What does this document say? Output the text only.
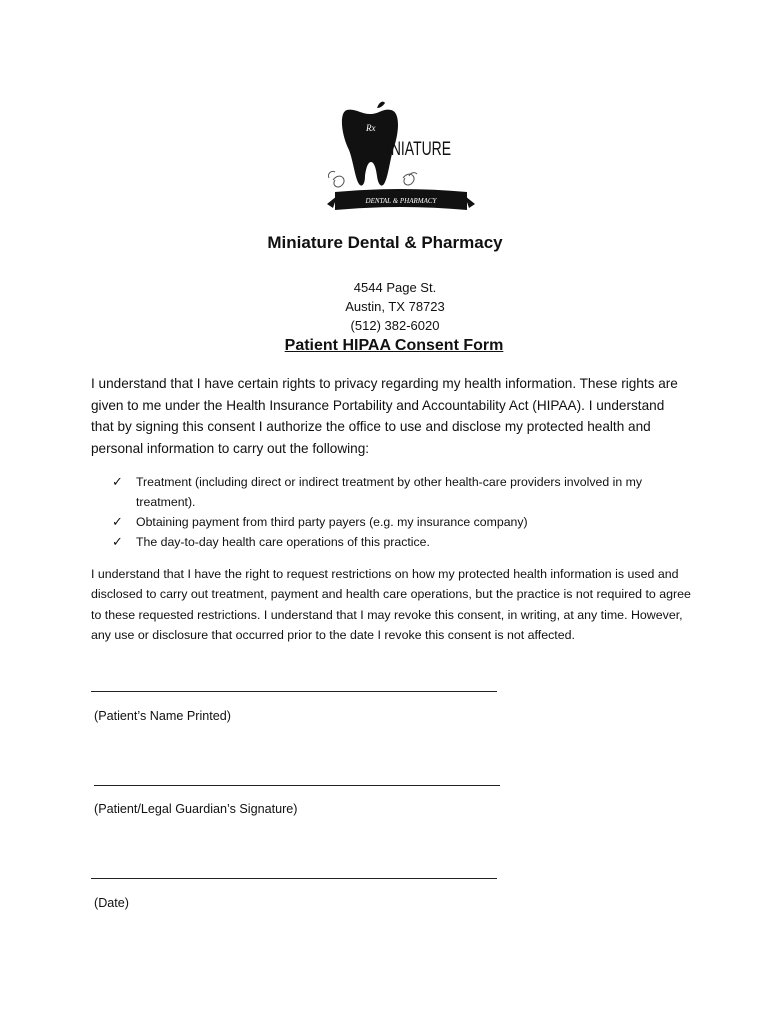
Rx
INIATURE
DENTAL & PHARMACY
Miniature Dental & Pharmacy
4544 Page St.
Austin, TX 78723
(512) 382-6020
Patient HIPAA Consent Form
I understand that I have certain rights to privacy regarding my health information. These rights are given to me under the Health Insurance Portability and Accountability Act (HIPAA). I understand that by signing this consent I authorize the office to use and disclose my protected health and personal information to carry out the following:
✓ Treatment (including direct or indirect treatment by other health-care providers involved in my treatment).
✓ Obtaining payment from third party payers (e.g. my insurance company)
✓ The day-to-day health care operations of this practice.
I understand that I have the right to request restrictions on how my protected health information is used and disclosed to carry out treatment, payment and health care operations, but the practice is not required to agree to these requested restrictions. I understand that I may revoke this consent, in writing, at any time. However, any use or disclosure that occurred prior to the date I revoke this consent is not affected.
(Patient’s Name Printed)
(Patient/Legal Guardian’s Signature)
(Date)
